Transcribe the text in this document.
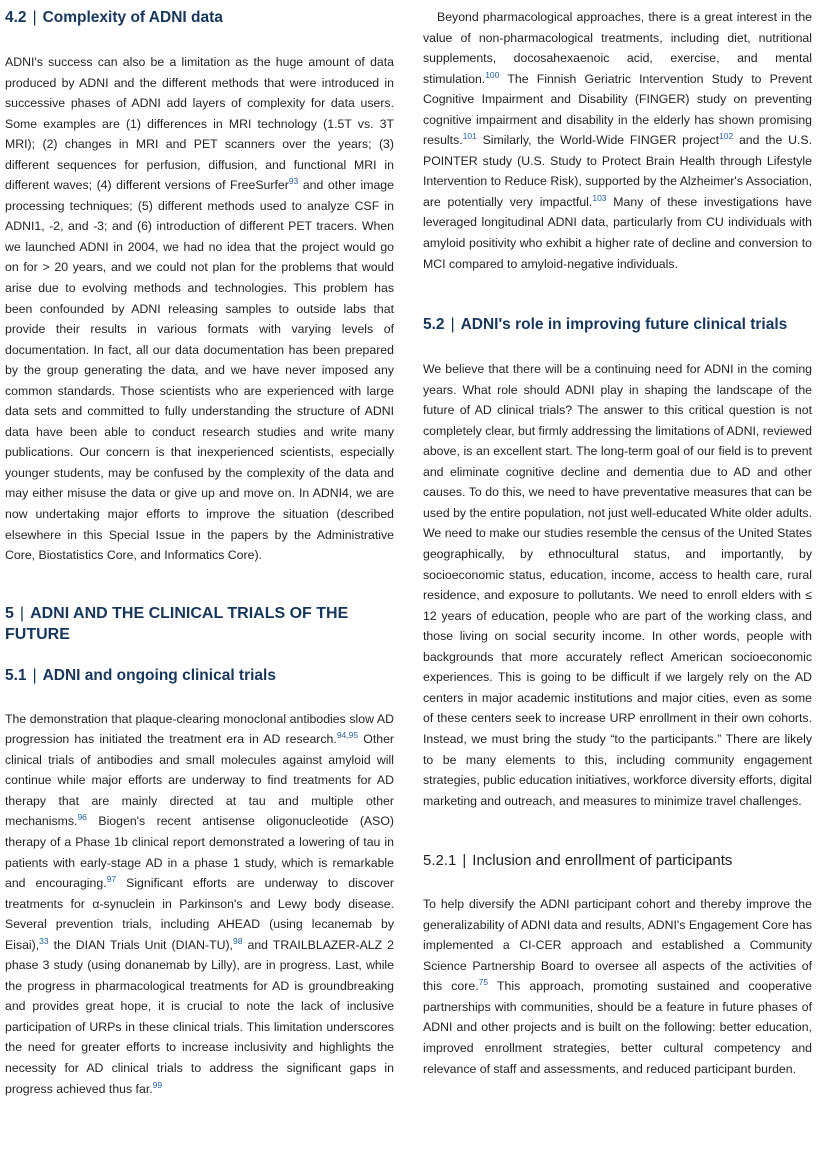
4.2 | Complexity of ADNI data

ADNI's success can also be a limitation as the huge amount of data produced by ADNI and the different methods that were introduced in successive phases of ADNI add layers of complexity for data users. Some examples are (1) differences in MRI technology (1.5T vs. 3T MRI); (2) changes in MRI and PET scanners over the years; (3) different sequences for perfusion, diffusion, and functional MRI in different waves; (4) different versions of FreeSurfer$^{93}$ and other image processing techniques; (5) different methods used to analyze CSF in ADNI1, -2, and -3; and (6) introduction of different PET tracers. When we launched ADNI in 2004, we had no idea that the project would go on for > 20 years, and we could not plan for the problems that would arise due to evolving methods and technologies. This problem has been confounded by ADNI releasing samples to outside labs that provide their results in various formats with varying levels of documentation. In fact, all our data documentation has been prepared by the group generating the data, and we have never imposed any common standards. Those scientists who are experienced with large data sets and committed to fully understanding the structure of ADNI data have been able to conduct research studies and write many publications. Our concern is that inexperienced scientists, especially younger students, may be confused by the complexity of the data and may either misuse the data or give up and move on. In ADNI4, we are now undertaking major efforts to improve the situation (described elsewhere in this Special Issue in the papers by the Administrative Core, Biostatistics Core, and Informatics Core).

5 | ADNI AND THE CLINICAL TRIALS OF THE FUTURE
5.1 | ADNI and ongoing clinical trials

The demonstration that plaque-clearing monoclonal antibodies slow AD progression has initiated the treatment era in AD research.$^{94,95}$ Other clinical trials of antibodies and small molecules against amyloid will continue while major efforts are underway to find treatments for AD therapy that are mainly directed at tau and multiple other mechanisms.$^{96}$ Biogen's recent antisense oligonucleotide (ASO) therapy of a Phase 1b clinical report demonstrated a lowering of tau in patients with early-stage AD in a phase 1 study, which is remarkable and encouraging.$^{97}$ Significant efforts are underway to discover treatments for α-synuclein in Parkinson's and Lewy body disease. Several prevention trials, including AHEAD (using lecanemab by Eisai),$^{33}$ the DIAN Trials Unit (DIAN-TU),$^{98}$ and TRAILBLAZER-ALZ 2 phase 3 study (using donanemab by Lilly), are in progress. Last, while the progress in pharmacological treatments for AD is groundbreaking and provides great hope, it is crucial to note the lack of inclusive participation of URPs in these clinical trials. This limitation underscores the need for greater efforts to increase inclusivity and highlights the necessity for AD clinical trials to address the significant gaps in progress achieved thus far.$^{99}$

Beyond pharmacological approaches, there is a great interest in the value of non-pharmacological treatments, including diet, nutritional supplements, docosahexaenoic acid, exercise, and mental stimulation.$^{100}$ The Finnish Geriatric Intervention Study to Prevent Cognitive Impairment and Disability (FINGER) study on preventing cognitive impairment and disability in the elderly has shown promising results.$^{101}$ Similarly, the World-Wide FINGER project$^{102}$ and the U.S. POINTER study (U.S. Study to Protect Brain Health through Lifestyle Intervention to Reduce Risk), supported by the Alzheimer's Association, are potentially very impactful.$^{103}$ Many of these investigations have leveraged longitudinal ADNI data, particularly from CU individuals with amyloid positivity who exhibit a higher rate of decline and conversion to MCI compared to amyloid-negative individuals.

5.2 | ADNI's role in improving future clinical trials

We believe that there will be a continuing need for ADNI in the coming years. What role should ADNI play in shaping the landscape of the future of AD clinical trials? The answer to this critical question is not completely clear, but firmly addressing the limitations of ADNI, reviewed above, is an excellent start. The long-term goal of our field is to prevent and eliminate cognitive decline and dementia due to AD and other causes. To do this, we need to have preventative measures that can be used by the entire population, not just well-educated White older adults. We need to make our studies resemble the census of the United States geographically, by ethnocultural status, and importantly, by socioeconomic status, education, income, access to health care, rural residence, and exposure to pollutants. We need to enroll elders with ≤ 12 years of education, people who are part of the working class, and those living on social security income. In other words, people with backgrounds that more accurately reflect American socioeconomic experiences. This is going to be difficult if we largely rely on the AD centers in major academic institutions and major cities, even as some of these centers seek to increase URP enrollment in their own cohorts. Instead, we must bring the study “to the participants.” There are likely to be many elements to this, including community engagement strategies, public education initiatives, workforce diversity efforts, digital marketing and outreach, and measures to minimize travel challenges.

5.2.1 | Inclusion and enrollment of participants

To help diversify the ADNI participant cohort and thereby improve the generalizability of ADNI data and results, ADNI's Engagement Core has implemented a CI-CER approach and established a Community Science Partnership Board to oversee all aspects of the activities of this core.$^{75}$ This approach, promoting sustained and cooperative partnerships with communities, should be a feature in future phases of ADNI and other projects and is built on the following: better education, improved enrollment strategies, better cultural competency and relevance of staff and assessments, and reduced participant burden.
